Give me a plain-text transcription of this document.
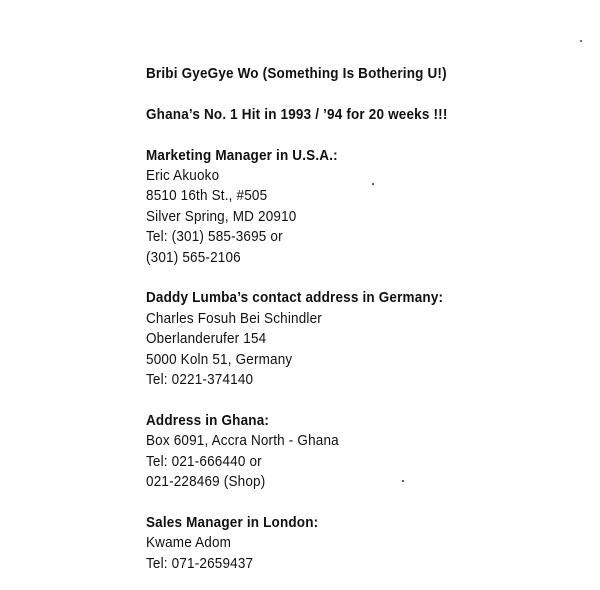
Bribi GyeGye Wo (Something Is Bothering U!)
Ghana’s No. 1 Hit in 1993 / ’94 for 20 weeks !!!
Marketing Manager in U.S.A.:
Eric Akuoko
8510 16th St., #505
Silver Spring, MD 20910
Tel: (301) 585-3695 or
(301) 565-2106
Daddy Lumba’s contact address in Germany:
Charles Fosuh Bei Schindler
Oberlanderufer 154
5000 Koln 51, Germany
Tel: 0221-374140
Address in Ghana:
Box 6091, Accra North - Ghana
Tel: 021-666440 or
021-228469 (Shop)
Sales Manager in London:
Kwame Adom
Tel: 071-2659437
